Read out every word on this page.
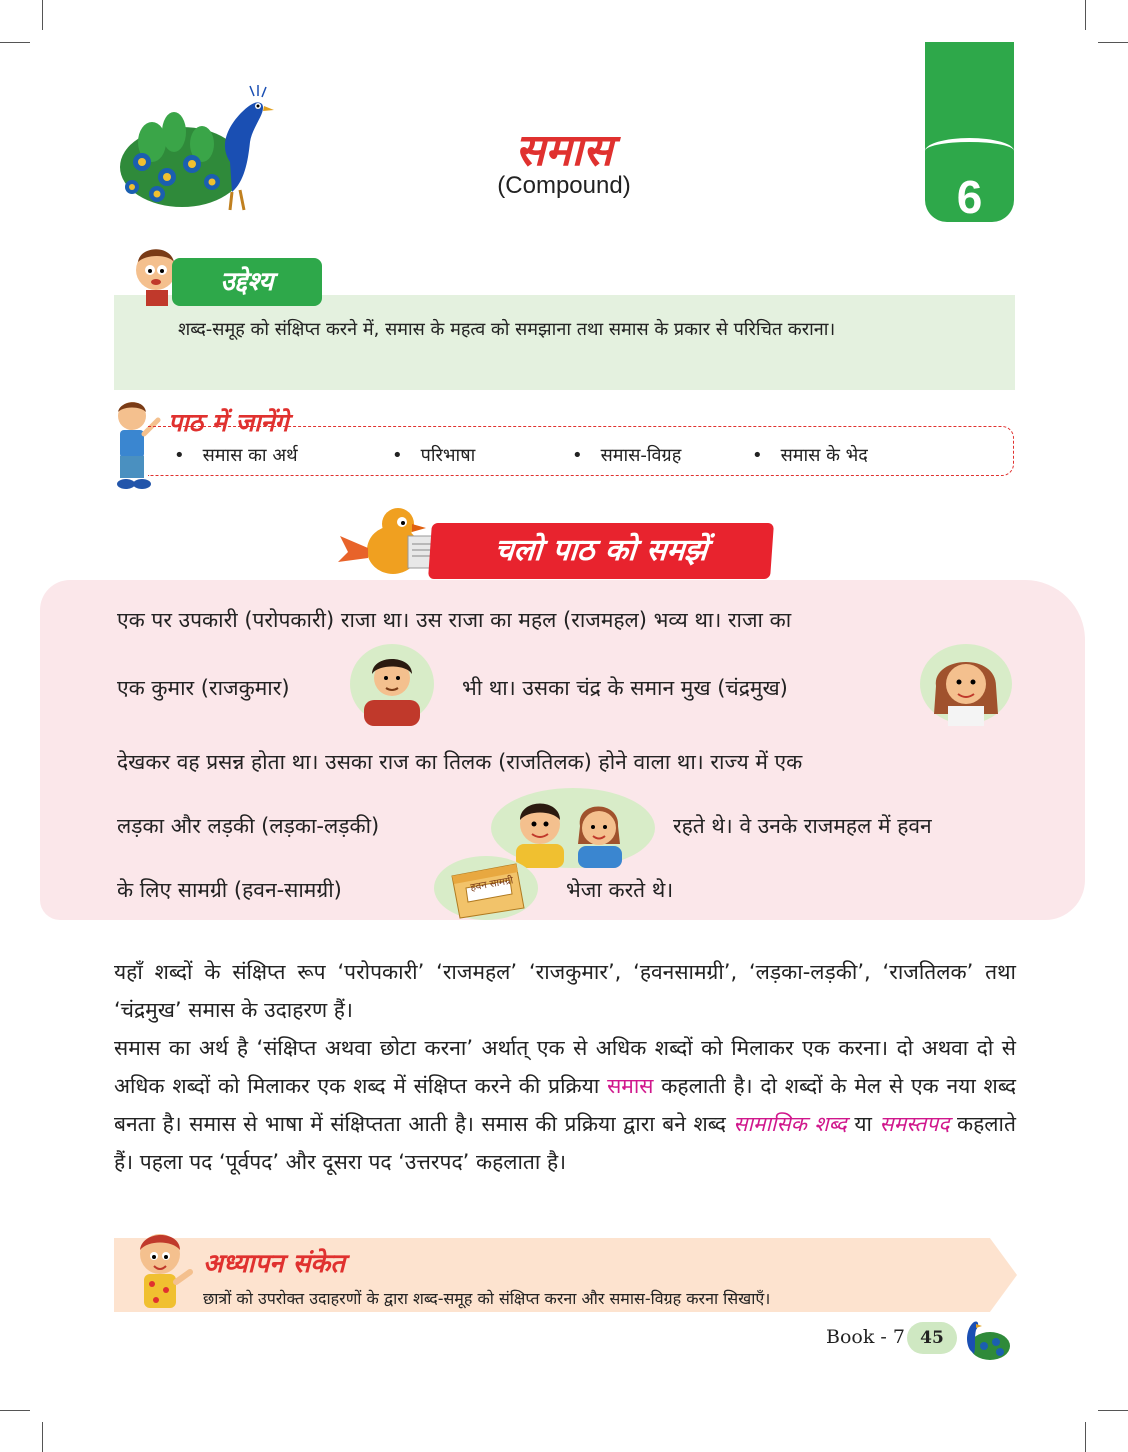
समास
(Compound)	6
उद्देश्य
शब्द-समूह को संक्षिप्त करने में, समास के महत्व को समझाना तथा समास के प्रकार से परिचित कराना।
पाठ में जानेंगे
• समास का अर्थ	• परिभाषा	• समास-विग्रह	• समास के भेद
चलो पाठ को समझें
एक पर उपकारी (परोपकारी) राजा था। उस राजा का महल (राजमहल) भव्य था। राजा का
एक कुमार (राजकुमार)	भी था। उसका चंद्र के समान मुख (चंद्रमुख)
देखकर वह प्रसन्न होता था। उसका राज का तिलक (राजतिलक) होने वाला था। राज्य में एक
लड़का और लड़की (लड़का-लड़की)	रहते थे। वे उनके राजमहल में हवन
के लिए सामग्री (हवन-सामग्री)	हवन सामग्री भेजा करते थे।
यहाँ शब्दों के संक्षिप्त रूप ‘परोपकारी’ ‘राजमहल’ ‘राजकुमार’, ‘हवनसामग्री’, ‘लड़का-लड़की’, ‘राजतिलक’ तथा ‘चंद्रमुख’ समास के उदाहरण हैं।
समास का अर्थ है ‘संक्षिप्त अथवा छोटा करना’ अर्थात् एक से अधिक शब्दों को मिलाकर एक करना। दो अथवा दो से अधिक शब्दों को मिलाकर एक शब्द में संक्षिप्त करने की प्रक्रिया समास कहलाती है। दो शब्दों के मेल से एक नया शब्द बनता है। समास से भाषा में संक्षिप्तता आती है। समास की प्रक्रिया द्वारा बने शब्द सामासिक शब्द या समस्तपद कहलाते हैं। पहला पद ‘पूर्वपद’ और दूसरा पद ‘उत्तरपद’ कहलाता है।
अध्यापन संकेत
छात्रों को उपरोक्त उदाहरणों के द्वारा शब्द-समूह को संक्षिप्त करना और समास-विग्रह करना सिखाएँ।
Book - 7 45
